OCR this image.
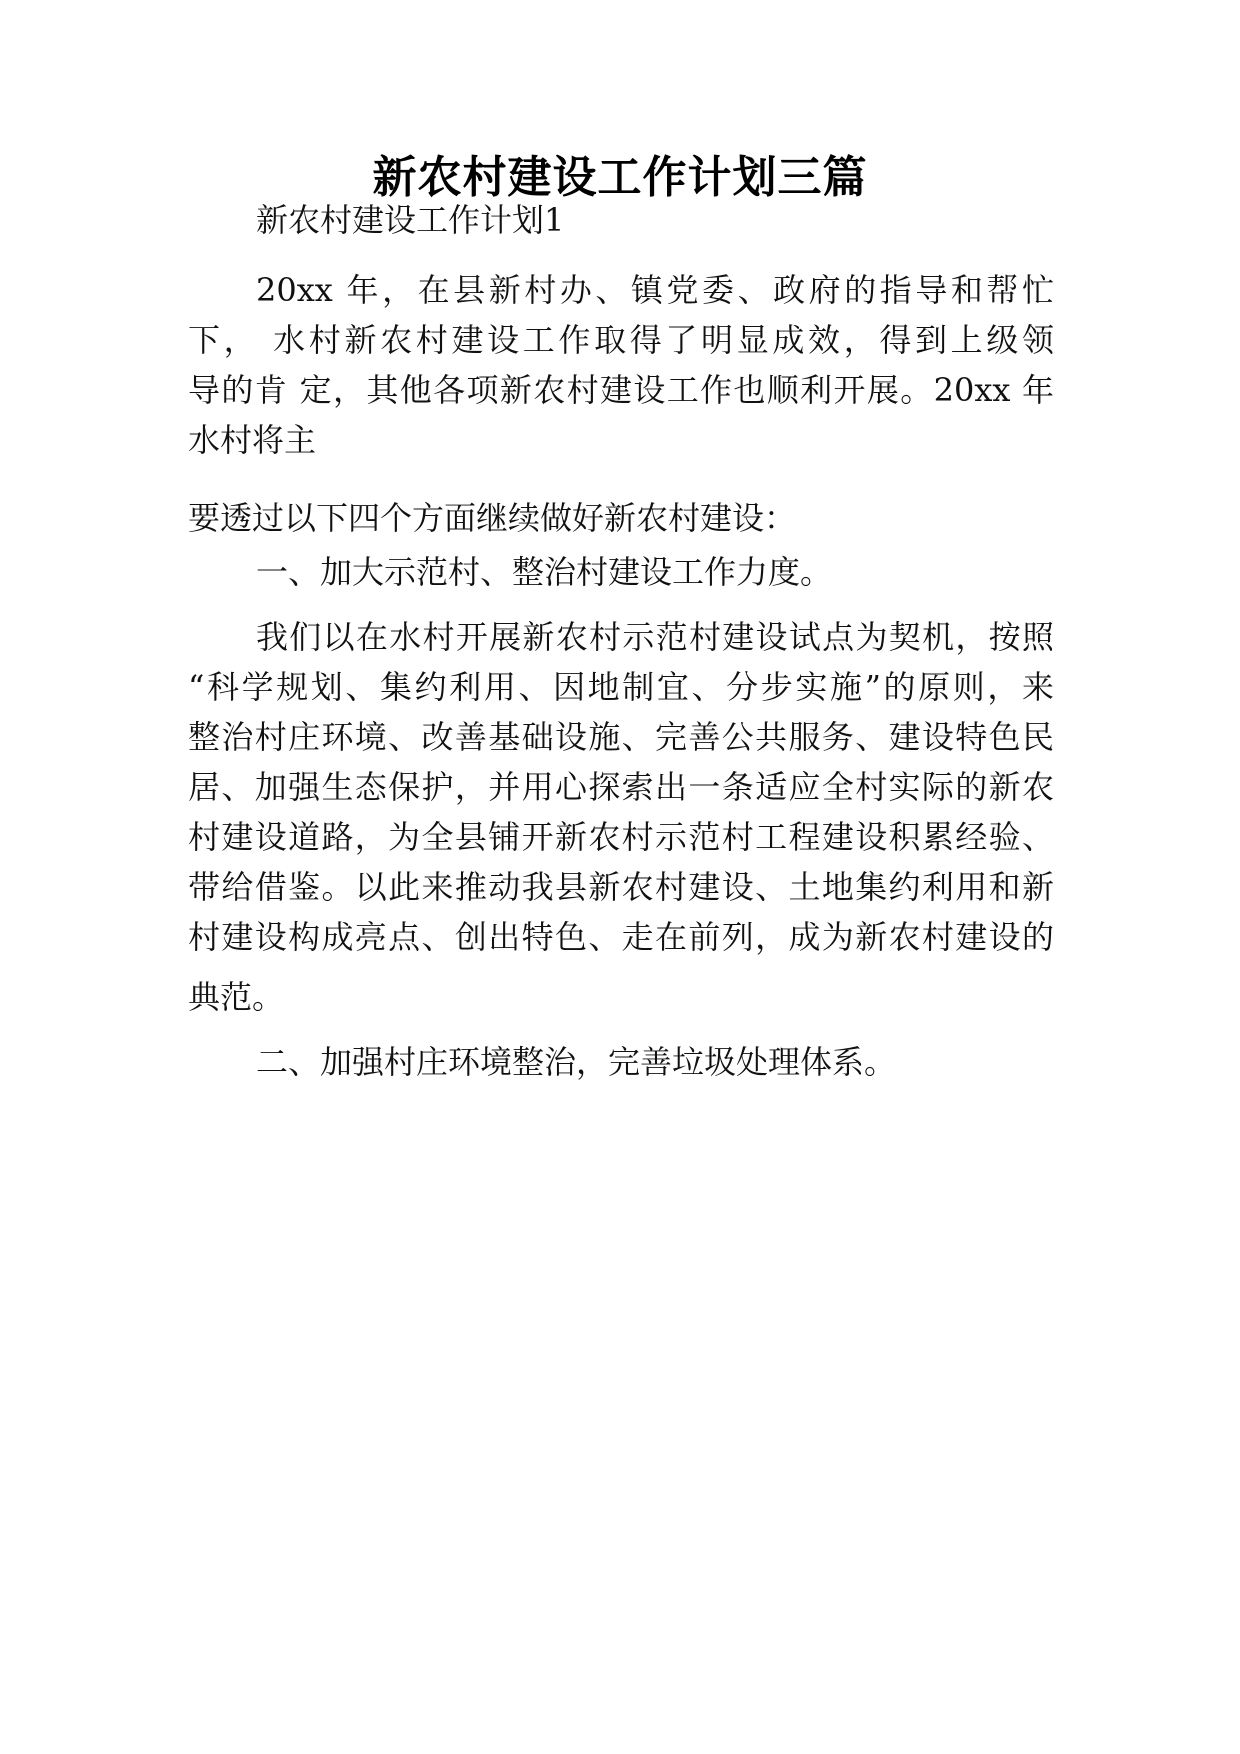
新农村建设工作计划三篇

新农村建设工作计划1

20xx 年，在县新村办、镇党委、政府的指导和帮忙
下， 水村新农村建设工作取得了明显成效，得到上级领
导的肯 定，其他各项新农村建设工作也顺利开展。20xx 年
水村将主

要透过以下四个方面继续做好新农村建设：

一、加大示范村、整治村建设工作力度。

我们以在水村开展新农村示范村建设试点为契机，按照
“科学规划、集约利用、因地制宜、分步实施”的原则，来
整治村庄环境、改善基础设施、完善公共服务、建设特色民
居、加强生态保护，并用心探索出一条适应全村实际的新农
村建设道路，为全县铺开新农村示范村工程建设积累经验、
带给借鉴。以此来推动我县新农村建设、土地集约利用和新
村建设构成亮点、创出特色、走在前列，成为新农村建设的

典范。

二、加强村庄环境整治，完善垃圾处理体系。
